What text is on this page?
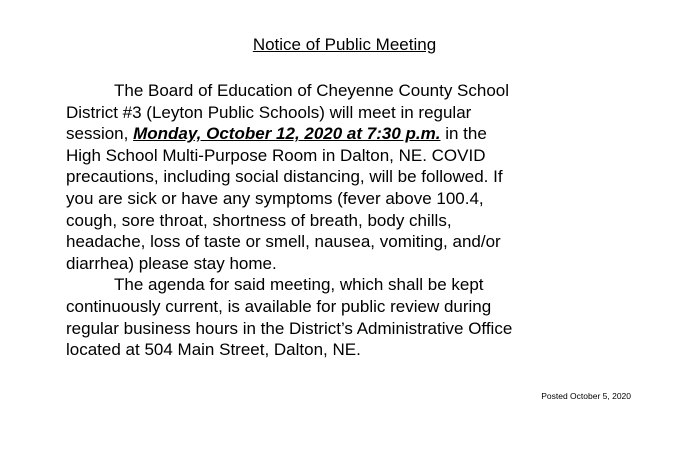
Notice of Public Meeting
The Board of Education of Cheyenne County School
District #3 (Leyton Public Schools) will meet in regular
session, Monday, October 12, 2020 at 7:30 p.m. in the
High School Multi-Purpose Room in Dalton, NE. COVID
precautions, including social distancing, will be followed. If
you are sick or have any symptoms (fever above 100.4,
cough, sore throat, shortness of breath, body chills,
headache, loss of taste or smell, nausea, vomiting, and/or
diarrhea) please stay home.
The agenda for said meeting, which shall be kept
continuously current, is available for public review during
regular business hours in the District’s Administrative Office
located at 504 Main Street, Dalton, NE.
Posted October 5, 2020
